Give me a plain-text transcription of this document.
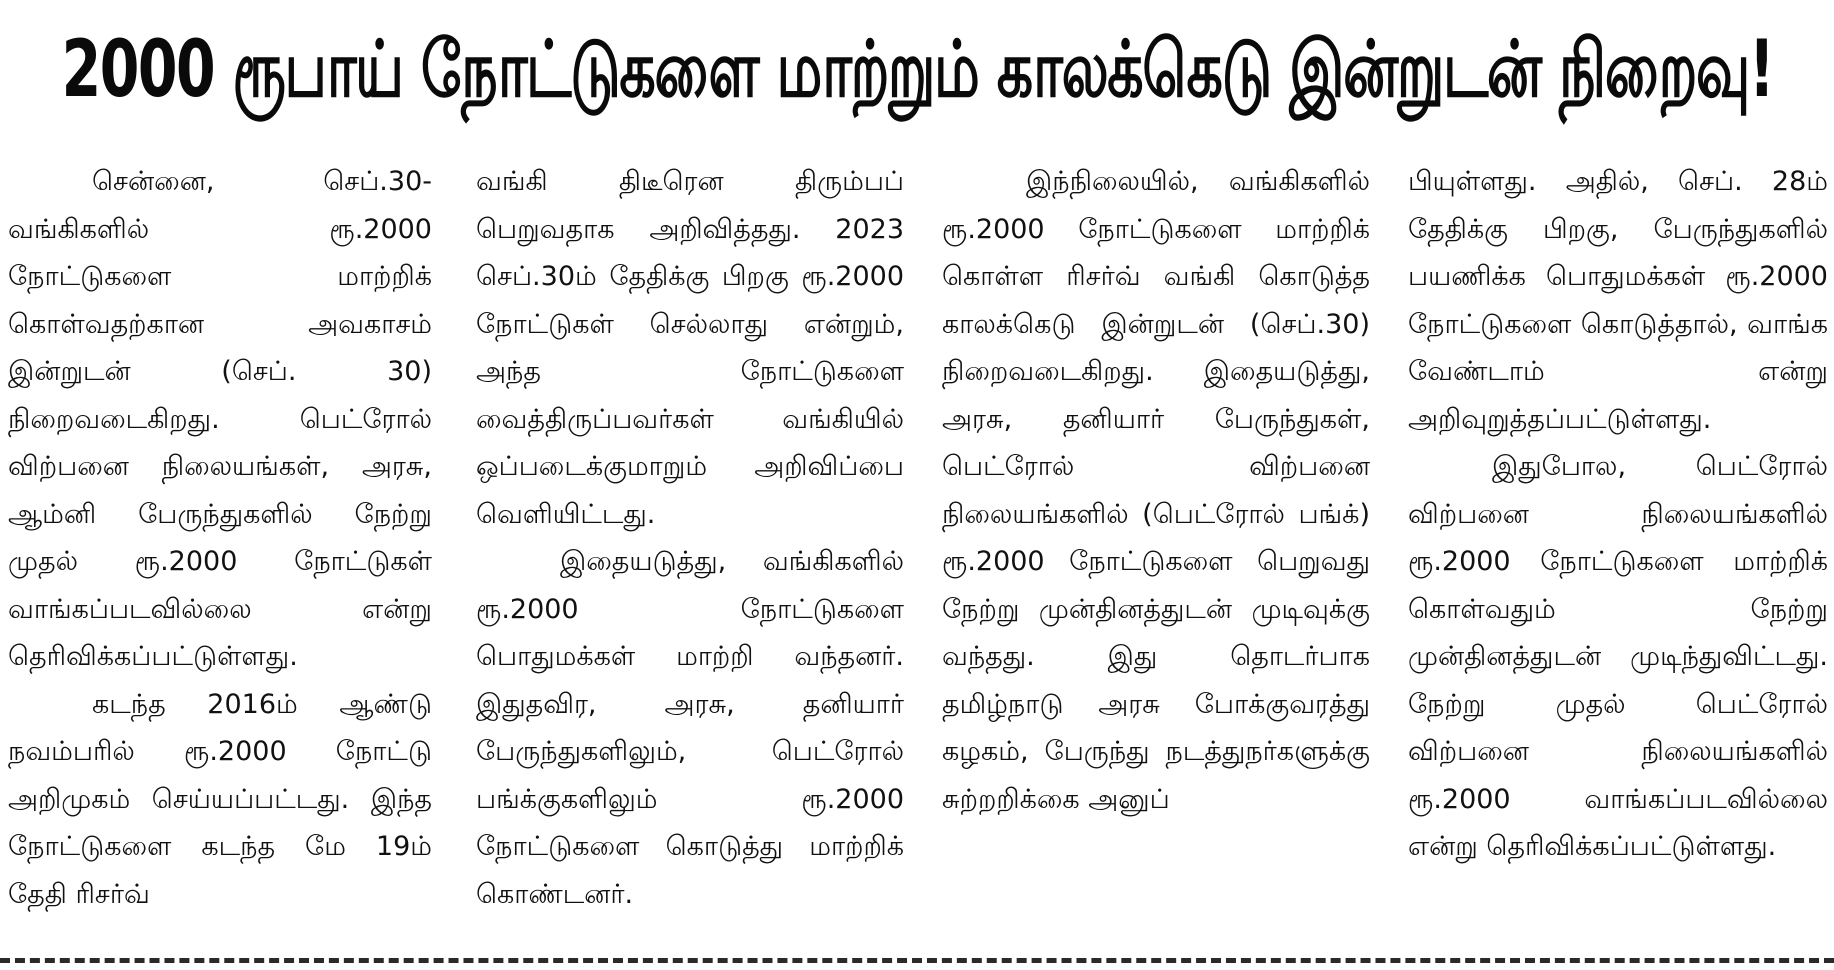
2000 ரூபாய் நோட்டுகளை மாற்றும் காலக்கெடு இன்றுடன் நிறைவு!

சென்னை, செப்.30- வங்கிகளில் ரூ.2000 நோட்டுகளை மாற்றிக் கொள்வதற்கான அவகாசம் இன்றுடன் (செப். 30) நிறைவடைகிறது. பெட்ரோல் விற்பனை நிலையங்கள், அரசு, ஆம்னி பேருந்துகளில் நேற்று முதல் ரூ.2000 நோட்டுகள் வாங்கப்படவில்லை என்று தெரிவிக்கப்பட்டுள்ளது.

கடந்த 2016ம் ஆண்டு நவம்பரில் ரூ.2000 நோட்டு அறிமுகம் செய்யப்பட்டது. இந்த நோட்டுகளை கடந்த மே 19ம் தேதி ரிசர்வ்

வங்கி திடீரென திரும்பப் பெறுவதாக அறிவித்தது. 2023 செப்.30ம் தேதிக்கு பிறகு ரூ.2000 நோட்டுகள் செல்லாது என்றும், அந்த நோட்டுகளை வைத்திருப்பவர்கள் வங்கியில் ஒப்படைக்குமாறும் அறிவிப்பை வெளியிட்டது.

இதையடுத்து, வங்கிகளில் ரூ.2000 நோட்டுகளை பொதுமக்கள் மாற்றி வந்தனர். இதுதவிர, அரசு, தனியார் பேருந்துகளிலும், பெட்ரோல் பங்க்குகளிலும் ரூ.2000 நோட்டுகளை கொடுத்து மாற்றிக் கொண்டனர்.

இந்நிலையில், வங்கிகளில் ரூ.2000 நோட்டுகளை மாற்றிக் கொள்ள ரிசர்வ் வங்கி கொடுத்த காலக்கெடு இன்றுடன் (செப்.30) நிறைவடைகிறது. இதையடுத்து, அரசு, தனியார் பேருந்துகள், பெட்ரோல் விற்பனை நிலையங்களில் (பெட்ரோல் பங்க்) ரூ.2000 நோட்டுகளை பெறுவது நேற்று முன்தினத்துடன் முடிவுக்கு வந்தது. இது தொடர்பாக தமிழ்நாடு அரசு போக்குவரத்து கழகம், பேருந்து நடத்துநர்களுக்கு சுற்றறிக்கை அனுப்

பியுள்ளது. அதில், செப். 28ம் தேதிக்கு பிறகு, பேருந்துகளில் பயணிக்க பொதுமக்கள் ரூ.2000 நோட்டுகளை கொடுத்தால், வாங்க வேண்டாம் என்று அறிவுறுத்தப்பட்டுள்ளது.

இதுபோல, பெட்ரோல் விற்பனை நிலையங்களில் ரூ.2000 நோட்டுகளை மாற்றிக் கொள்வதும் நேற்று முன்தினத்துடன் முடிந்துவிட்டது. நேற்று முதல் பெட்ரோல் விற்பனை நிலையங்களில் ரூ.2000 வாங்கப்படவில்லை என்று தெரிவிக்கப்பட்டுள்ளது.
